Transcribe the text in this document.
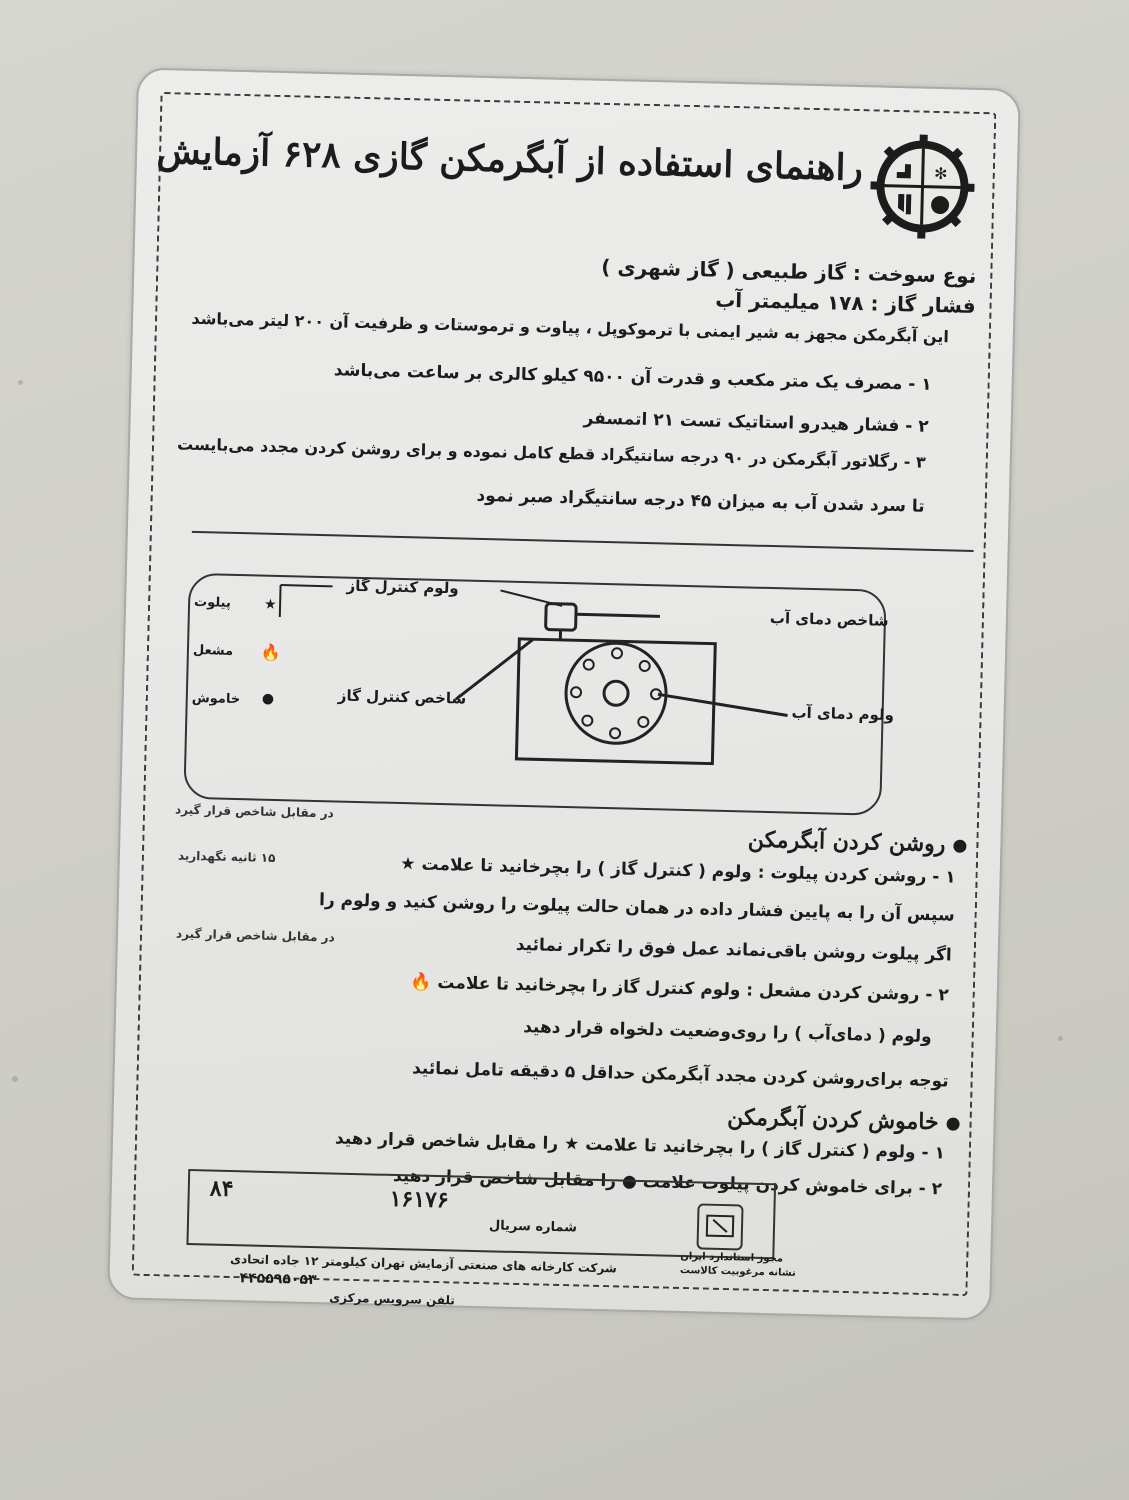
✻
راهنمای استفاده از آبگرمکن گازی ۶۲۸ آزمایش
نوع سوخت : گاز طبیعی ( گاز شهری )
فشار گاز : ۱۷۸ میلیمتر آب
این آبگرمکن مجهز به شیر ایمنی با ترموکوپل ، پیاوت و ترموستات و ظرفیت آن ۲۰۰ لیتر می‌باشد
۱ - مصرف یک متر مکعب و قدرت آن ۹۵۰۰ کیلو کالری بر ساعت می‌باشد
۲ - فشار هیدرو استاتیک تست ۲۱ اتمسفر
۳ - رگلاتور آبگرمکن در ۹۰ درجه سانتیگراد قطع کامل نموده و برای روشن کردن مجدد می‌بایست
تا سرد شدن آب به میزان ۴۵ درجه سانتیگراد صبر نمود
پیلوت
مشعل
خاموش
★
🔥
●
ولوم کنترل گاز
شاخص دمای آب
شاخص کنترل گاز
ولوم دمای آب
روشن کردن آبگرمکن
در مقابل شاخص قرار گیرد
۱ - روشن کردن پیلوت : ولوم ( کنترل گاز ) را بچرخانید تا علامت ★
۱۵ ثانیه نگهدارید
سپس آن را به پایین فشار داده در همان حالت پیلوت را روشن کنید و ولوم را
اگر پیلوت روشن باقی‌نماند عمل فوق را تکرار نمائید
در مقابل شاخص قرار گیرد
۲ - روشن کردن مشعل : ولوم کنترل گاز را بچرخانید تا علامت 🔥
ولوم ( دمای‌آب ) را روی‌وضعیت دلخواه قرار دهید
توجه برای‌روشن کردن مجدد آبگرمکن حداقل ۵ دقیقه تامل نمائید
خاموش کردن آبگرمکن
۱ - ولوم ( کنترل گاز ) را بچرخانید تا علامت ★ را مقابل شاخص قرار دهید
۲ - برای خاموش کردن پیلوت علامت ● را مقابل شاخص قرار دهید
۸۴	۱۶۱۷۶
شماره سریال
شرکت کارخانه های صنعتی آزمایش تهران کیلومتر ۱۲ جاده اتحادی
۴۴۵۵۹۵۰۵۳
تلفن سرویس مرکزی
مجوز استاندارد ایران
نشانه مرغوبیت کالاست
